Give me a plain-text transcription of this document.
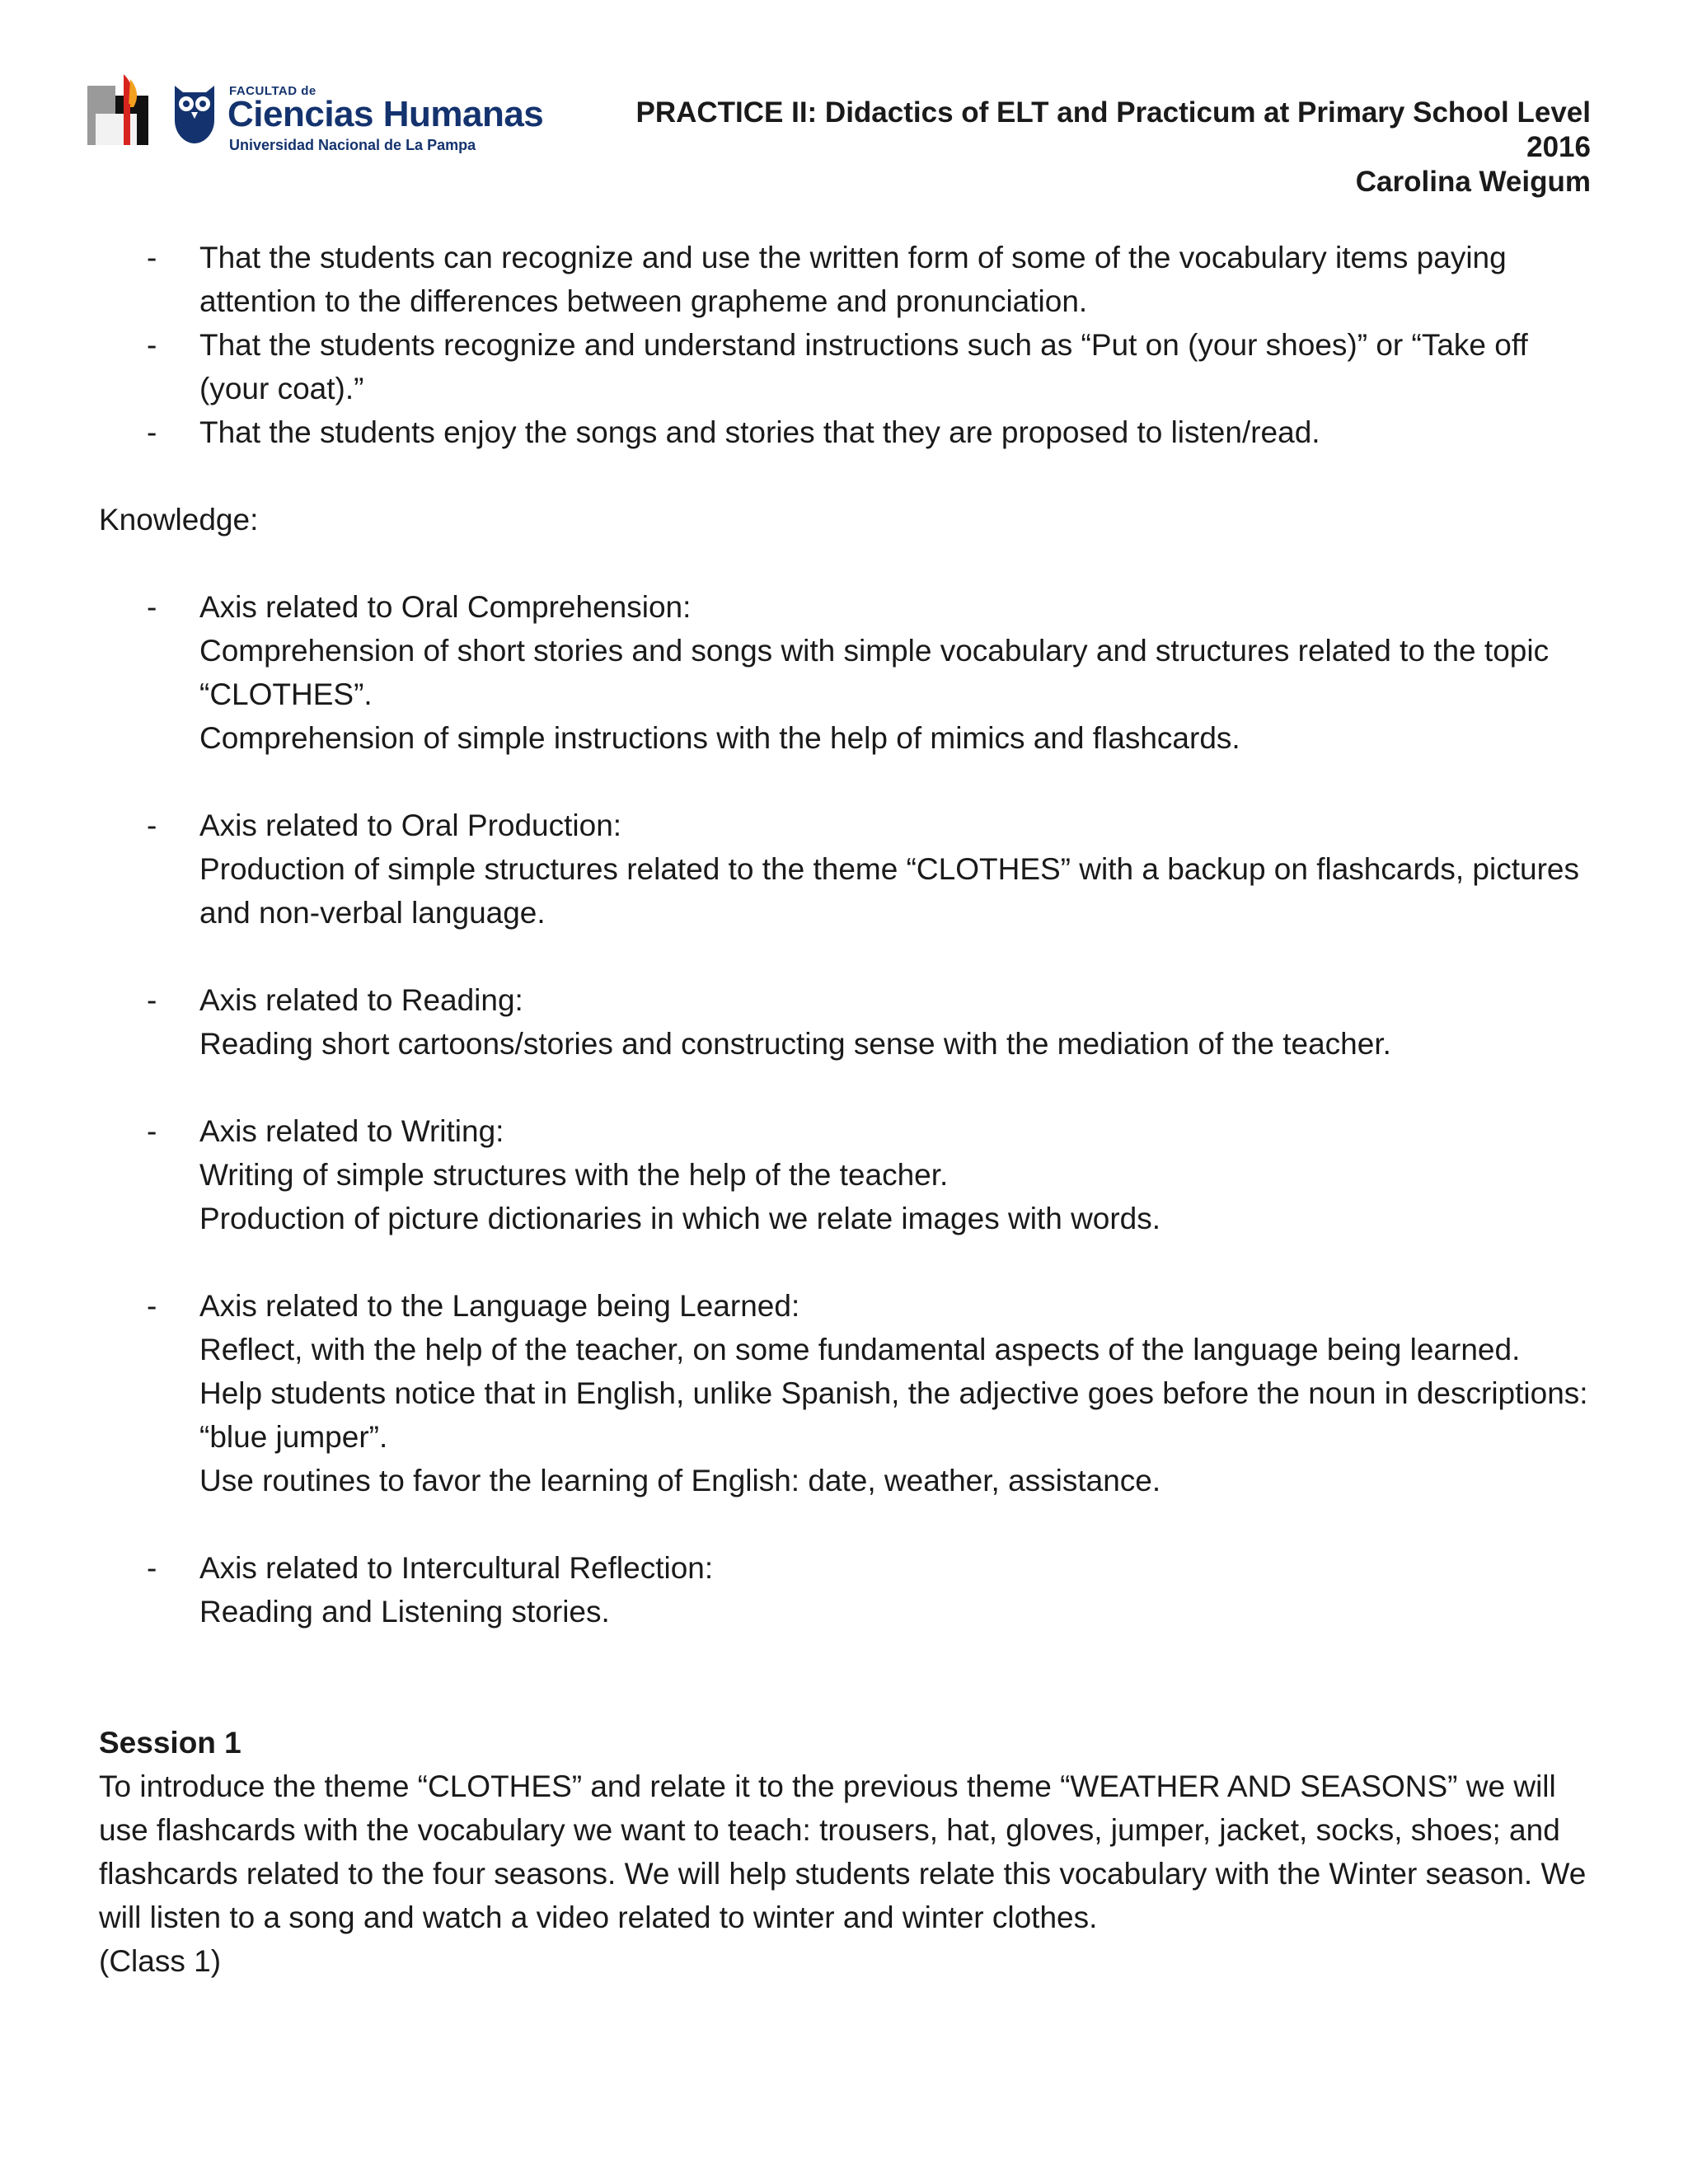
FACULTAD de
Ciencias Humanas
Universidad Nacional de La Pampa
PRACTICE II: Didactics of ELT and Practicum at Primary School Level
2016
Carolina Weigum
- That the students can recognize and use the written form of some of the vocabulary items paying attention to the differences between grapheme and pronunciation.

- That the students recognize and understand instructions such as “Put on (your shoes)” or “Take off (your coat).”

- That the students enjoy the songs and stories that they are proposed to listen/read.

Knowledge:

- Axis related to Oral Comprehension:

Comprehension of short stories and songs with simple vocabulary and structures related to the topic “CLOTHES”.

Comprehension of simple instructions with the help of mimics and flashcards.

- Axis related to Oral Production:

Production of simple structures related to the theme “CLOTHES” with a backup on flashcards, pictures and non-verbal language.

- Axis related to Reading:

Reading short cartoons/stories and constructing sense with the mediation of the teacher.

- Axis related to Writing:

Writing of simple structures with the help of the teacher.

Production of picture dictionaries in which we relate images with words.

- Axis related to the Language being Learned:

Reflect, with the help of the teacher, on some fundamental aspects of the language being learned.

Help students notice that in English, unlike Spanish, the adjective goes before the noun in descriptions: “blue jumper”.

Use routines to favor the learning of English: date, weather, assistance.

- Axis related to Intercultural Reflection:

Reading and Listening stories.

Session 1

To introduce the theme “CLOTHES” and relate it to the previous theme “WEATHER AND SEASONS” we will use flashcards with the vocabulary we want to teach: trousers, hat, gloves, jumper, jacket, socks, shoes; and flashcards related to the four seasons. We will help students relate this vocabulary with the Winter season. We will listen to a song and watch a video related to winter and winter clothes.

(Class 1)
